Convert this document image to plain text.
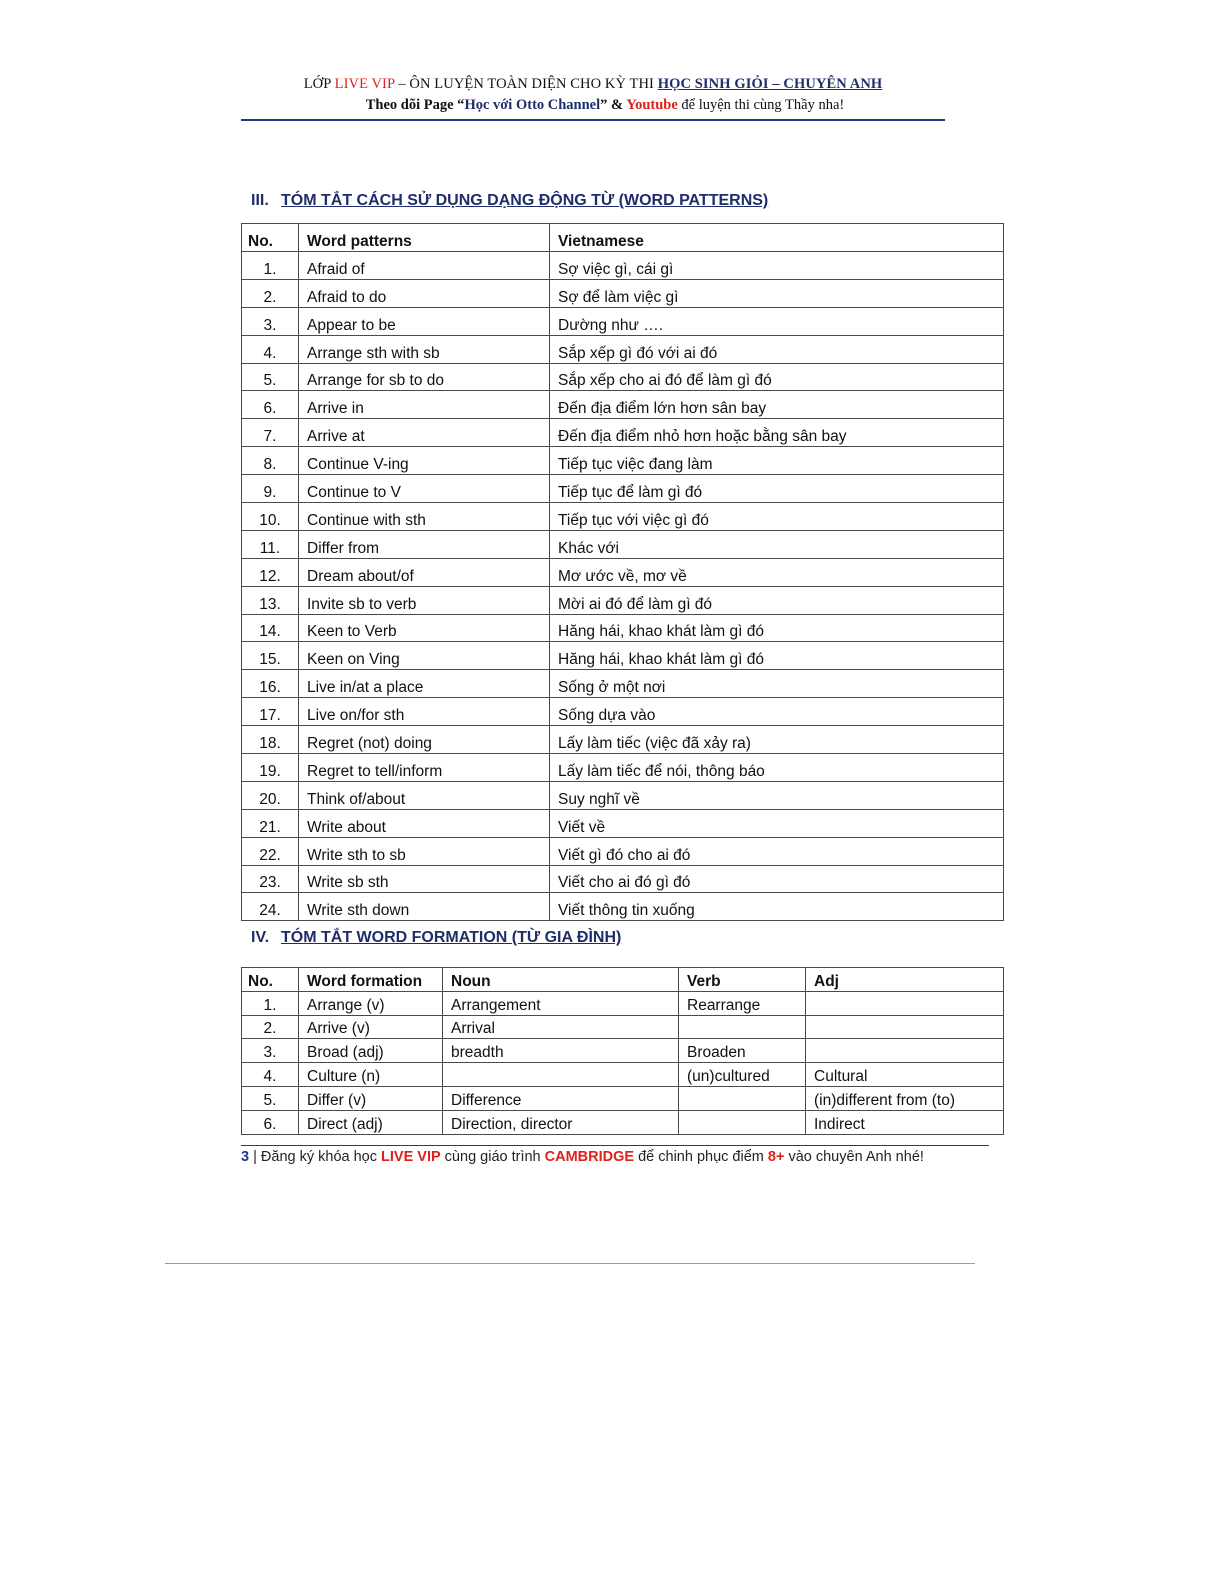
LỚP LIVE VIP – ÔN LUYỆN TOÀN DIỆN CHO KỲ THI HỌC SINH GIỎI – CHUYÊN ANH
Theo dõi Page “Học với Otto Channel” & Youtube để luyện thi cùng Thầy nha!
III. TÓM TẮT CÁCH SỬ DỤNG DẠNG ĐỘNG TỪ (WORD PATTERNS)
No.	Word patterns	Vietnamese
1.	Afraid of	Sợ việc gì, cái gì
2.	Afraid to do	Sợ để làm việc gì
3.	Appear to be	Dường như ….
4.	Arrange sth with sb	Sắp xếp gì đó với ai đó
5.	Arrange for sb to do	Sắp xếp cho ai đó để làm gì đó
6.	Arrive in	Đến địa điểm lớn hơn sân bay
7.	Arrive at	Đến địa điểm nhỏ hơn hoặc bằng sân bay
8.	Continue V-ing	Tiếp tục việc đang làm
9.	Continue to V	Tiếp tục để làm gì đó
10.	Continue with sth	Tiếp tục với việc gì đó
11.	Differ from	Khác với
12.	Dream about/of	Mơ ước về, mơ về
13.	Invite sb to verb	Mời ai đó để làm gì đó
14.	Keen to Verb	Hăng hái, khao khát làm gì đó
15.	Keen on Ving	Hăng hái, khao khát làm gì đó
16.	Live in/at a place	Sống ở một nơi
17.	Live on/for sth	Sống dựa vào
18.	Regret (not) doing	Lấy làm tiếc (việc đã xảy ra)
19.	Regret to tell/inform	Lấy làm tiếc để nói, thông báo
20.	Think of/about	Suy nghĩ về
21.	Write about	Viết về
22.	Write sth to sb	Viết gì đó cho ai đó
23.	Write sb sth	Viết cho ai đó gì đó
24.	Write sth down	Viết thông tin xuống
IV. TÓM TẮT WORD FORMATION (TỪ GIA ĐÌNH)
No.	Word formation	Noun	Verb	Adj
1.	Arrange (v)	Arrangement	Rearrange	
2.	Arrive (v)	Arrival		
3.	Broad (adj)	breadth	Broaden	
4.	Culture (n)		(un)cultured	Cultural
5.	Differ (v)	Difference		(in)different from (to)
6.	Direct (adj)	Direction, director		Indirect
3 | Đăng ký khóa học LIVE VIP cùng giáo trình CAMBRIDGE để chinh phục điểm 8+ vào chuyên Anh nhé!
